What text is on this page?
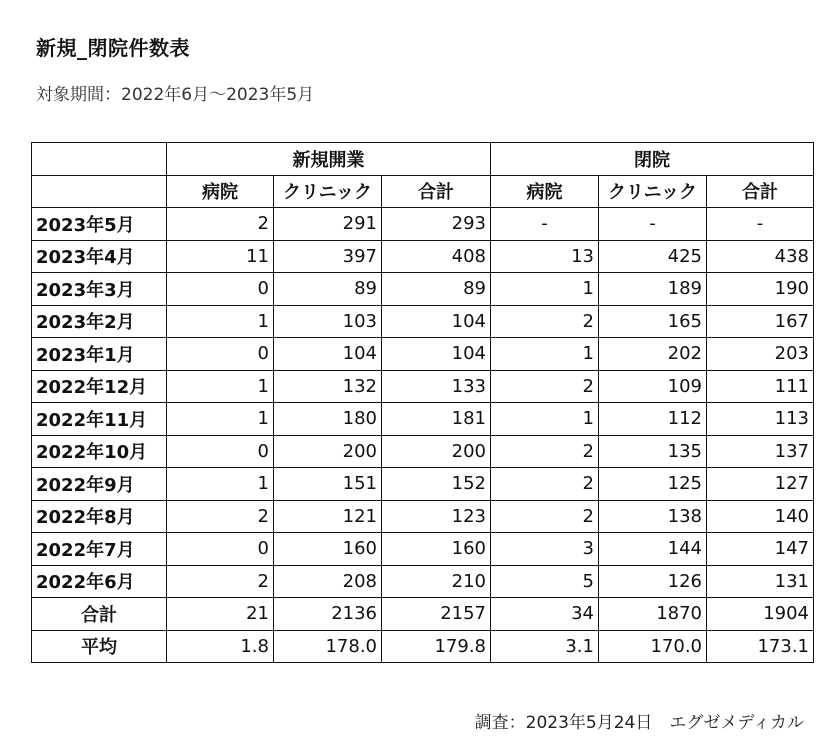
新規_閉院件数表
対象期間：2022年6月～2023年5月
	新規開業			閉院		
	病院	クリニック	合計	病院	クリニック	合計
2023年5月	2	291	293	-	-	-
2023年4月	11	397	408	13	425	438
2023年3月	0	89	89	1	189	190
2023年2月	1	103	104	2	165	167
2023年1月	0	104	104	1	202	203
2022年12月	1	132	133	2	109	111
2022年11月	1	180	181	1	112	113
2022年10月	0	200	200	2	135	137
2022年9月	1	151	152	2	125	127
2022年8月	2	121	123	2	138	140
2022年7月	0	160	160	3	144	147
2022年6月	2	208	210	5	126	131
合計	21	2136	2157	34	1870	1904
平均	1.8	178.0	179.8	3.1	170.0	173.1
調査：2023年5月24日　エグゼメディカル
